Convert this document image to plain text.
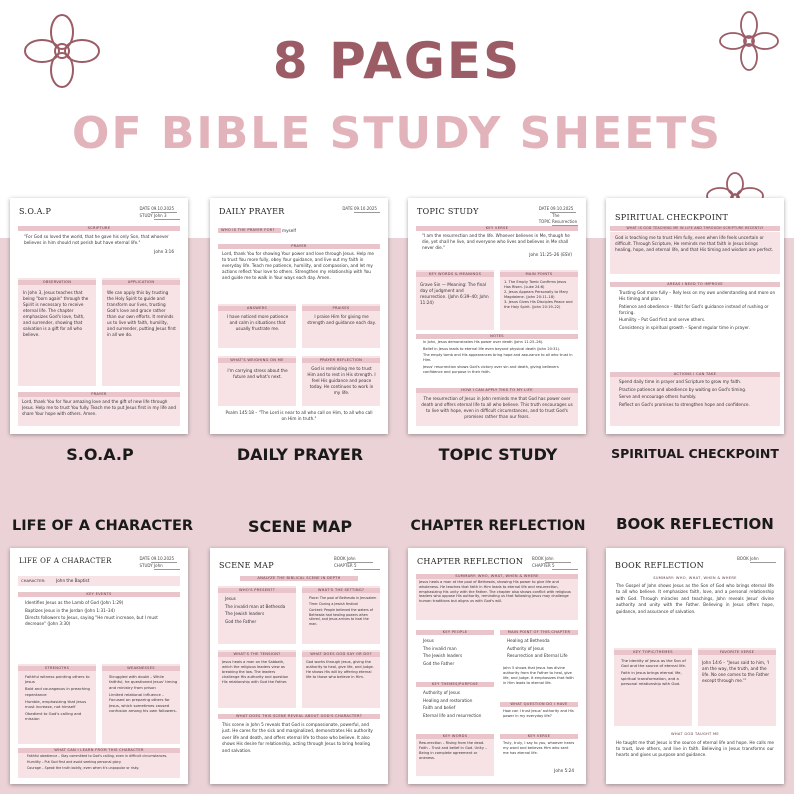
8 PAGES
OF BIBLE STUDY SHEETS
S.O.A.P	DATE 09.10.2025
STUDY John 3
SCRIPTURE
"For God so loved the world, that he gave his only Son, that whoever believes in him should not perish but have eternal life."
John 3:16
OBSERVATION
In John 3, Jesus teaches that being "born again" through the Spirit is necessary to receive eternal life. The chapter emphasizes God's love, faith, and surrender, showing that salvation is a gift for all who believe.
APPLICATION
We can apply this by trusting the Holy Spirit to guide and transform our lives, trusting God's love and grace rather than our own efforts. It reminds us to live with faith, humility, and surrender, putting Jesus first in all we do.
PRAYER
Lord, thank You for Your amazing love and the gift of new life through Jesus. Help me to trust You fully. Teach me to put Jesus first in my life and share Your hope with others. Amen.
DAILY PRAYER	DATE 09.10.2025
WHO IS THE PRAYER FOR?	myself
PRAYER
Lord, thank You for showing Your power and love through Jesus. Help me to trust You more fully, obey Your guidance, and live out my faith in everyday life. Teach me patience, humility, and compassion, and let my actions reflect Your love to others. Strengthen my relationship with You and guide me to walk in Your ways each day. Amen.
ANSWERS
I have noticed more patience and calm in situations that usually frustrate me.
PRAISES
I praise Him for giving me strength and guidance each day.
WHAT'S WEIGHING ON ME
I'm carrying stress about the future and what's next.
PRAYER REFLECTION
God is reminding me to trust Him and to rest in His strength. I feel His guidance and peace today. He continues to work in my life.
Psalm 145:18 – "The Lord is near to all who call on Him, to all who call on Him in truth."
TOPIC STUDY	DATE 09.10.2025
TOPIC The Resurrection
KEY VERSE
"I am the resurrection and the life. Whoever believes in Me, though he die, yet shall he live, and everyone who lives and believes in Me shall never die."
John 11:25–26 (ESV)
KEY WORDS & MEANINGS
Grave Sin — Meaning: The final day of judgment and resurrection. (John 6:39–40; John 11:24)
MAIN POINTS
1. The Empty Tomb Confirms Jesus Has Risen. (Luke 24:6)
2. Jesus Appears Personally to Mary Magdalene. (John 20:11–18)
3. Jesus Gives His Disciples Peace and the Holy Spirit. (John 20:19–22)
NOTES
• In John, Jesus demonstrates His power over death (John 11:25–26).
• Belief in Jesus leads to eternal life even beyond physical death (John 20:31).
• The empty tomb and His appearances bring hope and assurance to all who trust in Him.
• Jesus' resurrection shows God's victory over sin and death, giving believers confidence and purpose in their faith.
HOW I CAN APPLY THIS TO MY LIFE
The resurrection of Jesus in John reminds me that God has power over death and offers eternal life to all who believe. This truth encourages us to live with hope, even in difficult circumstances, and to trust God's promises rather than our fears.
SPIRITUAL CHECKPOINT
WHAT IS GOD TEACHING ME IN LIFE AND THROUGH SCRIPTURE RECENTLY
God is teaching me to trust Him fully, even when life feels uncertain or difficult. Through Scripture, He reminds me that faith in Jesus brings healing, hope, and eternal life, and that His timing and wisdom are perfect.
AREAS I NEED TO IMPROVE
• Trusting God more fully – Rely less on my own understanding and more on His timing and plan.
• Patience and obedience – Wait for God's guidance instead of rushing or forcing.
• Humility – Put God first and serve others.
• Consistency in spiritual growth – Spend regular time in prayer.
ACTIONS I CAN TAKE
• Spend daily time in prayer and Scripture to grow my faith.
• Practice patience and obedience by waiting on God's timing.
• Serve and encourage others humbly.
• Reflect on God's promises to strengthen hope and confidence.
S.O.A.P	DAILY PRAYER	TOPIC STUDY	SPIRITUAL CHECKPOINT
LIFE OF A CHARACTER	SCENE MAP	CHAPTER REFLECTION	BOOK REFLECTION
LIFE OF A CHARACTER	DATE 09.10.2025
STUDY John
CHARACTER:	John the Baptist
KEY EVENTS
• Identifies Jesus as the Lamb of God (John 1:29)
• Baptizes Jesus in the Jordan (John 1:31–34)
• Directs followers to Jesus, saying "He must increase, but I must decrease" (John 3:30)
STRENGTHS
• Faithful witness pointing others to Jesus
• Bold and courageous in preaching repentance
• Humble, emphasizing that Jesus must increase, not himself
• Obedient to God's calling and mission
WEAKNESSES
• Struggled with doubt – While faithful, he questioned Jesus' timing and ministry from prison
• Limited relational influence – Focused on preparing others for Jesus, which sometimes caused confusion among his own followers.
WHAT CAN I LEARN FROM THIS CHARACTER
• Faithful obedience – Stay committed to God's calling, even in difficult circumstances.
• Humility – Put God first and avoid seeking personal glory.
• Courage – Speak the truth boldly, even when it's unpopular or risky.
SCENE MAP
BOOK John
CHAPTER 5
ANALYZE THE BIBLICAL SCENE IN DEPTH
WHO'S PRESENT?
• Jesus
• The invalid man at Bethesda
• The Jewish leaders
• God the Father
WHAT'S THE SETTING?
• Place: The pool of Bethesda in Jerusalem
• Time: During a Jewish festival
• Context: People believed the waters of Bethesda had healing powers when stirred, and Jesus arrives to heal the man.
WHAT'S THE TENSION?
Jesus heals a man on the Sabbath, which the religious leaders view as breaking the law. The leaders challenge His authority and question His relationship with God the Father.
WHAT DOES GOD SAY OR DO?
God works through Jesus, giving the authority to heal, give life, and judge. He shows His will by offering eternal life to those who believe in Him.
WHAT DOES THIS SCENE REVEAL ABOUT GOD'S CHARACTER?
This scene in John 5 reveals that God is compassionate, powerful, and just. He cares for the sick and marginalized, demonstrates His authority over life and death, and offers eternal life to those who believe. It also shows His desire for relationship, acting through Jesus to bring healing and salvation.
CHAPTER REFLECTION BOOK John
CHAPTER 5
SUMMARY: WHO, WHAT, WHEN & WHERE
Jesus heals a man at the pool of Bethesda, showing His power to give life and wholeness. He teaches that faith in Him leads to eternal life and resurrection, emphasizing His unity with the Father. The chapter also shows conflict with religious leaders who oppose His authority, reminding us that following Jesus may challenge human traditions but aligns us with God's will.
KEY PEOPLE
• Jesus
• The invalid man
• The Jewish leaders
• God the Father
MAIN POINT OF THIS CHAPTER
• Healing at Bethesda
• Authority of Jesus
• Resurrection and Eternal Life
John 5 shows that Jesus has divine authority from the Father to heal, give life, and judge. It emphasizes that faith in Him leads to eternal life.
KEY THEMES/PURPOSE
• Authority of Jesus
• Healing and restoration
• Faith and belief
• Eternal life and resurrection
WHAT QUESTION DO I HAVE
How can I trust Jesus' authority and His power in my everyday life?
KEY WORDS
Resurrection – Rising from the dead. Faith – Trust and belief in God. Unity – Being in complete agreement or oneness.
KEY VERSE
Truly, truly, I say to you, whoever hears my word and believes Him who sent me has eternal life.
John 5:24
BOOK REFLECTION
BOOK John
SUMMARY: WHO, WHAT, WHEN & WHERE
The Gospel of John shows Jesus as the Son of God who brings eternal life to all who believe. It emphasizes faith, love, and a personal relationship with God. Through miracles and teachings, John reveals Jesus' divine authority and unity with the Father. Believing in Jesus offers hope, guidance, and assurance of salvation.
KEY TOPIC/THEMES
• The identity of Jesus as the Son of God and the source of eternal life.
• Faith in Jesus brings eternal life, spiritual transformation, and a personal relationship with God.
FAVORITE VERSE
John 14:6 – "Jesus said to him, 'I am the way, the truth, and the life. No one comes to the Father except through me.'"
WHAT GOD TAUGHT ME
He taught me that Jesus is the source of eternal life and hope. He calls me to trust, love others, and live in faith. Believing in Jesus transforms our hearts and gives us purpose and guidance.
